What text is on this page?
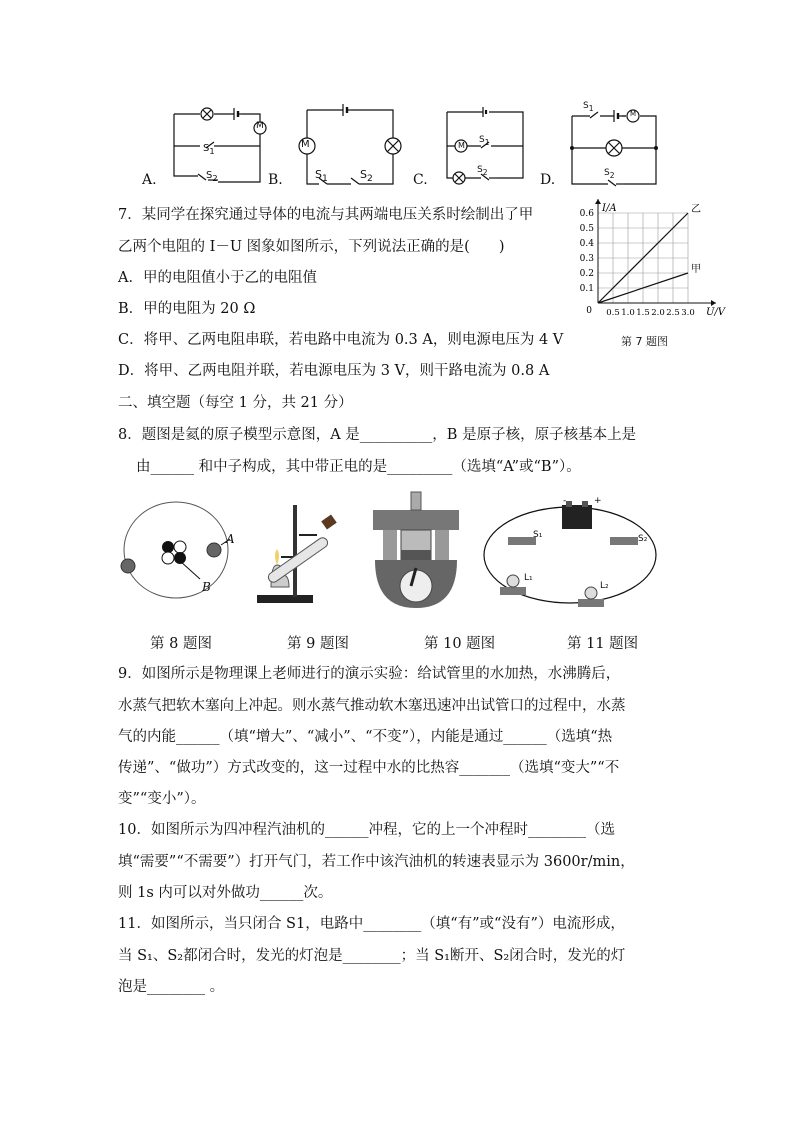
M
$S_1$
$S_2$
A.
M
$S_1$	$S_2$
B.
M
$S_1$
$S_2$
C.
M
$S_1$
$S_2$
D.
7．某同学在探究通过导体的电流与其两端电压关系时绘制出了甲
乙两个电阻的 I－U 图象如图所示，下列说法正确的是(　　)
A．甲的电阻值小于乙的电阻值
B．甲的电阻为 20 Ω
C．将甲、乙两电阻串联，若电路中电流为 0.3 A，则电源电压为 4 V
D．将甲、乙两电阻并联，若电源电压为 3 V，则干路电流为 0.8 A
第 7 题图
0.1
0.2
0.3
0.4
0.5
0.6
0.5 1.0 1.5 2.0 2.5 3.0
0
I/A
U/V
乙
甲
二、填空题（每空 1 分，共 21 分）
8．题图是氦的原子模型示意图，A 是__________，B 是原子核，原子核基本上是
由______ 和中子构成，其中带正电的是_________（选填“A”或“B”）。
A
B
S₁	S₂
L₁
L₂
+
-
第 8 题图	第 9 题图	第 10 题图	第 11 题图
9．如图所示是物理课上老师进行的演示实验：给试管里的水加热，水沸腾后，
水蒸气把软木塞向上冲起。则水蒸气推动软木塞迅速冲出试管口的过程中，水蒸
气的内能______（填“增大”、“减小”、“不变”），内能是通过______（选填“热
传递”、“做功”）方式改变的，这一过程中水的比热容_______（选填“变大”“不
变”“变小”）。
10．如图所示为四冲程汽油机的______冲程，它的上一个冲程时________（选
填“需要”“不需要”）打开气门，若工作中该汽油机的转速表显示为 3600r/min，
则 1s 内可以对外做功______次。
11．如图所示，当只闭合 S1，电路中________（填“有”或“没有”）电流形成，
当 S₁、S₂都闭合时，发光的灯泡是________；当 S₁断开、S₂闭合时，发光的灯
泡是________ 。
